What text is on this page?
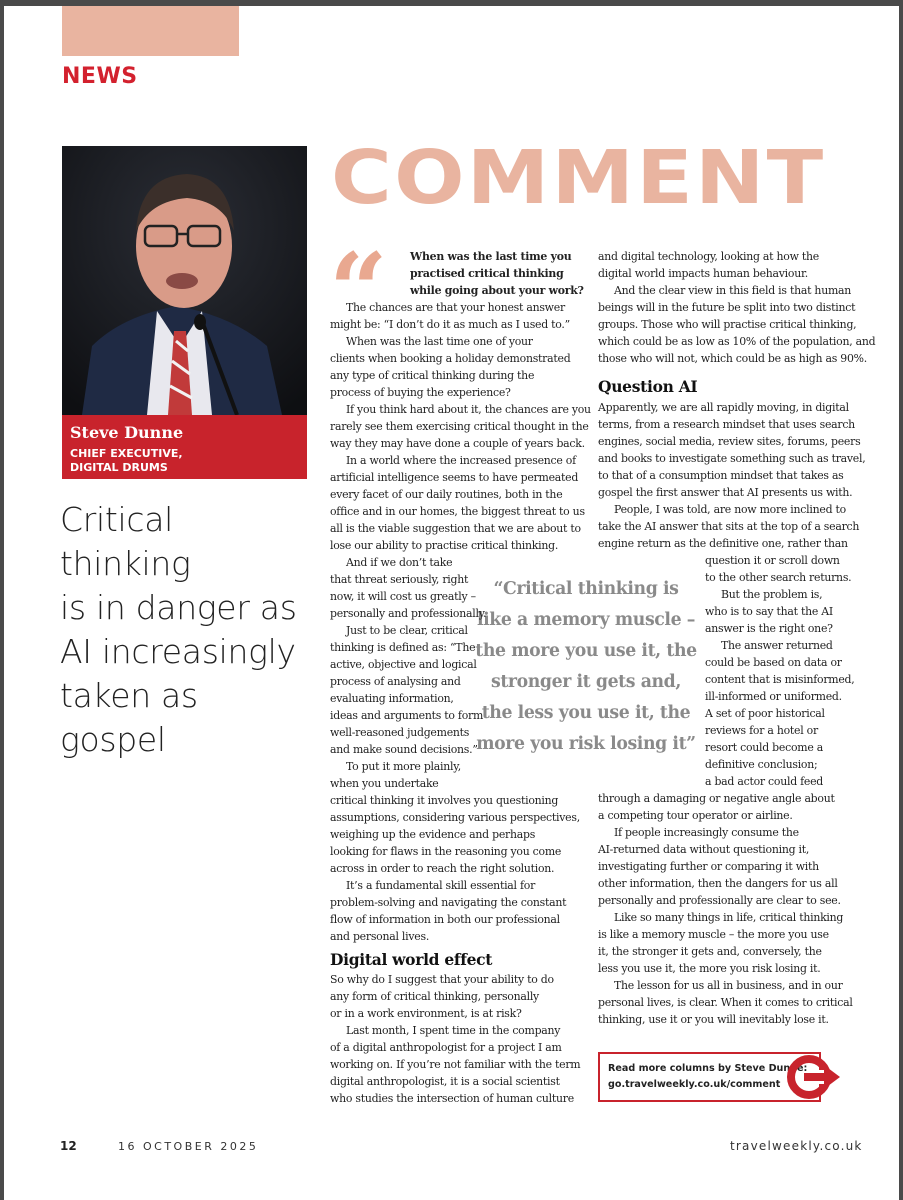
NEWS
Steve Dunne
CHIEF EXECUTIVE,
DIGITAL DRUMS
Critical thinking
is in danger as
AI increasingly
taken as gospel
COMMENT
“
“Critical thinking is
like a memory muscle –
the more you use it, the
stronger it gets and,
the less you use it, the
more you risk losing it”
Read more columns by Steve Dunne:
go.travelweekly.co.uk/comment
12	16 OCTOBER 2025	travelweekly.co.uk
When was the last time you
practised critical thinking
while going about your work?
The chances are that your honest answer
might be: “I don’t do it as much as I used to.”
When was the last time one of your
clients when booking a holiday demonstrated
any type of critical thinking during the
process of buying the experience?
If you think hard about it, the chances are you
rarely see them exercising critical thought in the
way they may have done a couple of years back.
In a world where the increased presence of
artificial intelligence seems to have permeated
every facet of our daily routines, both in the
office and in our homes, the biggest threat to us
all is the viable suggestion that we are about to
lose our ability to practise critical thinking.
And if we don’t take
that threat seriously, right
now, it will cost us greatly –
personally and professionally.
Just to be clear, critical
thinking is defined as: “The
active, objective and logical
process of analysing and
evaluating information,
ideas and arguments to form
well-reasoned judgements
and make sound decisions.”
To put it more plainly,
when you undertake
critical thinking it involves you questioning
assumptions, considering various perspectives,
weighing up the evidence and perhaps
looking for flaws in the reasoning you come
across in order to reach the right solution.
It’s a fundamental skill essential for
problem-solving and navigating the constant
flow of information in both our professional
and personal lives.
Digital world effect
So why do I suggest that your ability to do
any form of critical thinking, personally
or in a work environment, is at risk?
Last month, I spent time in the company
of a digital anthropologist for a project I am
working on. If you’re not familiar with the term
digital anthropologist, it is a social scientist
who studies the intersection of human culture
and digital technology, looking at how the
digital world impacts human behaviour.
And the clear view in this field is that human
beings will in the future be split into two distinct
groups. Those who will practise critical thinking,
which could be as low as 10% of the population, and
those who will not, which could be as high as 90%.
Question AI
Apparently, we are all rapidly moving, in digital
terms, from a research mindset that uses search
engines, social media, review sites, forums, peers
and books to investigate something such as travel,
to that of a consumption mindset that takes as
gospel the first answer that AI presents us with.
People, I was told, are now more inclined to
take the AI answer that sits at the top of a search
engine return as the definitive one, rather than
question it or scroll down
to the other search returns.
But the problem is,
who is to say that the AI
answer is the right one?
The answer returned
could be based on data or
content that is misinformed,
ill-informed or uniformed.
A set of poor historical
reviews for a hotel or
resort could become a
definitive conclusion;
a bad actor could feed
through a damaging or negative angle about
a competing tour operator or airline.
If people increasingly consume the
AI-returned data without questioning it,
investigating further or comparing it with
other information, then the dangers for us all
personally and professionally are clear to see.
Like so many things in life, critical thinking
is like a memory muscle – the more you use
it, the stronger it gets and, conversely, the
less you use it, the more you risk losing it.
The lesson for us all in business, and in our
personal lives, is clear. When it comes to critical
thinking, use it or you will inevitably lose it.
